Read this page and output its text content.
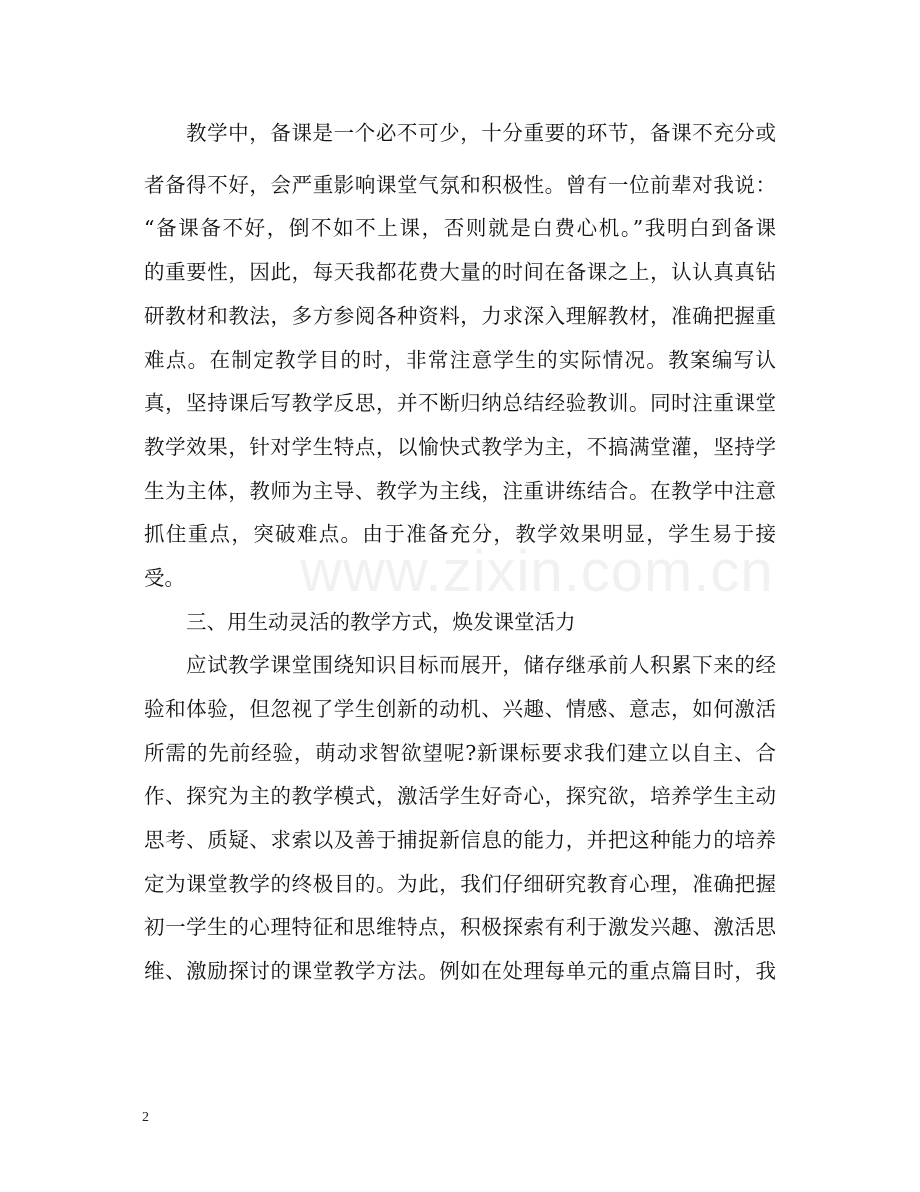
www.zixin.com.cn
教学中，备课是一个必不可少，十分重要的环节，备课不充分或
者备得不好，会严重影响课堂气氛和积极性。曾有一位前辈对我说：
“备课备不好，倒不如不上课，否则就是白费心机。”我明白到备课
的重要性，因此，每天我都花费大量的时间在备课之上，认认真真钻
研教材和教法，多方参阅各种资料，力求深入理解教材，准确把握重
难点。在制定教学目的时，非常注意学生的实际情况。教案编写认
真，坚持课后写教学反思，并不断归纳总结经验教训。同时注重课堂
教学效果，针对学生特点，以愉快式教学为主，不搞满堂灌，坚持学
生为主体，教师为主导、教学为主线，注重讲练结合。在教学中注意
抓住重点，突破难点。由于准备充分，教学效果明显，学生易于接
受。
三、用生动灵活的教学方式，焕发课堂活力
应试教学课堂围绕知识目标而展开，储存继承前人积累下来的经
验和体验，但忽视了学生创新的动机、兴趣、情感、意志，如何激活
所需的先前经验，萌动求智欲望呢?新课标要求我们建立以自主、合
作、探究为主的教学模式，激活学生好奇心，探究欲，培养学生主动
思考、质疑、求索以及善于捕捉新信息的能力，并把这种能力的培养
定为课堂教学的终极目的。为此，我们仔细研究教育心理，准确把握
初一学生的心理特征和思维特点，积极探索有利于激发兴趣、激活思
维、激励探讨的课堂教学方法。例如在处理每单元的重点篇目时，我
2
